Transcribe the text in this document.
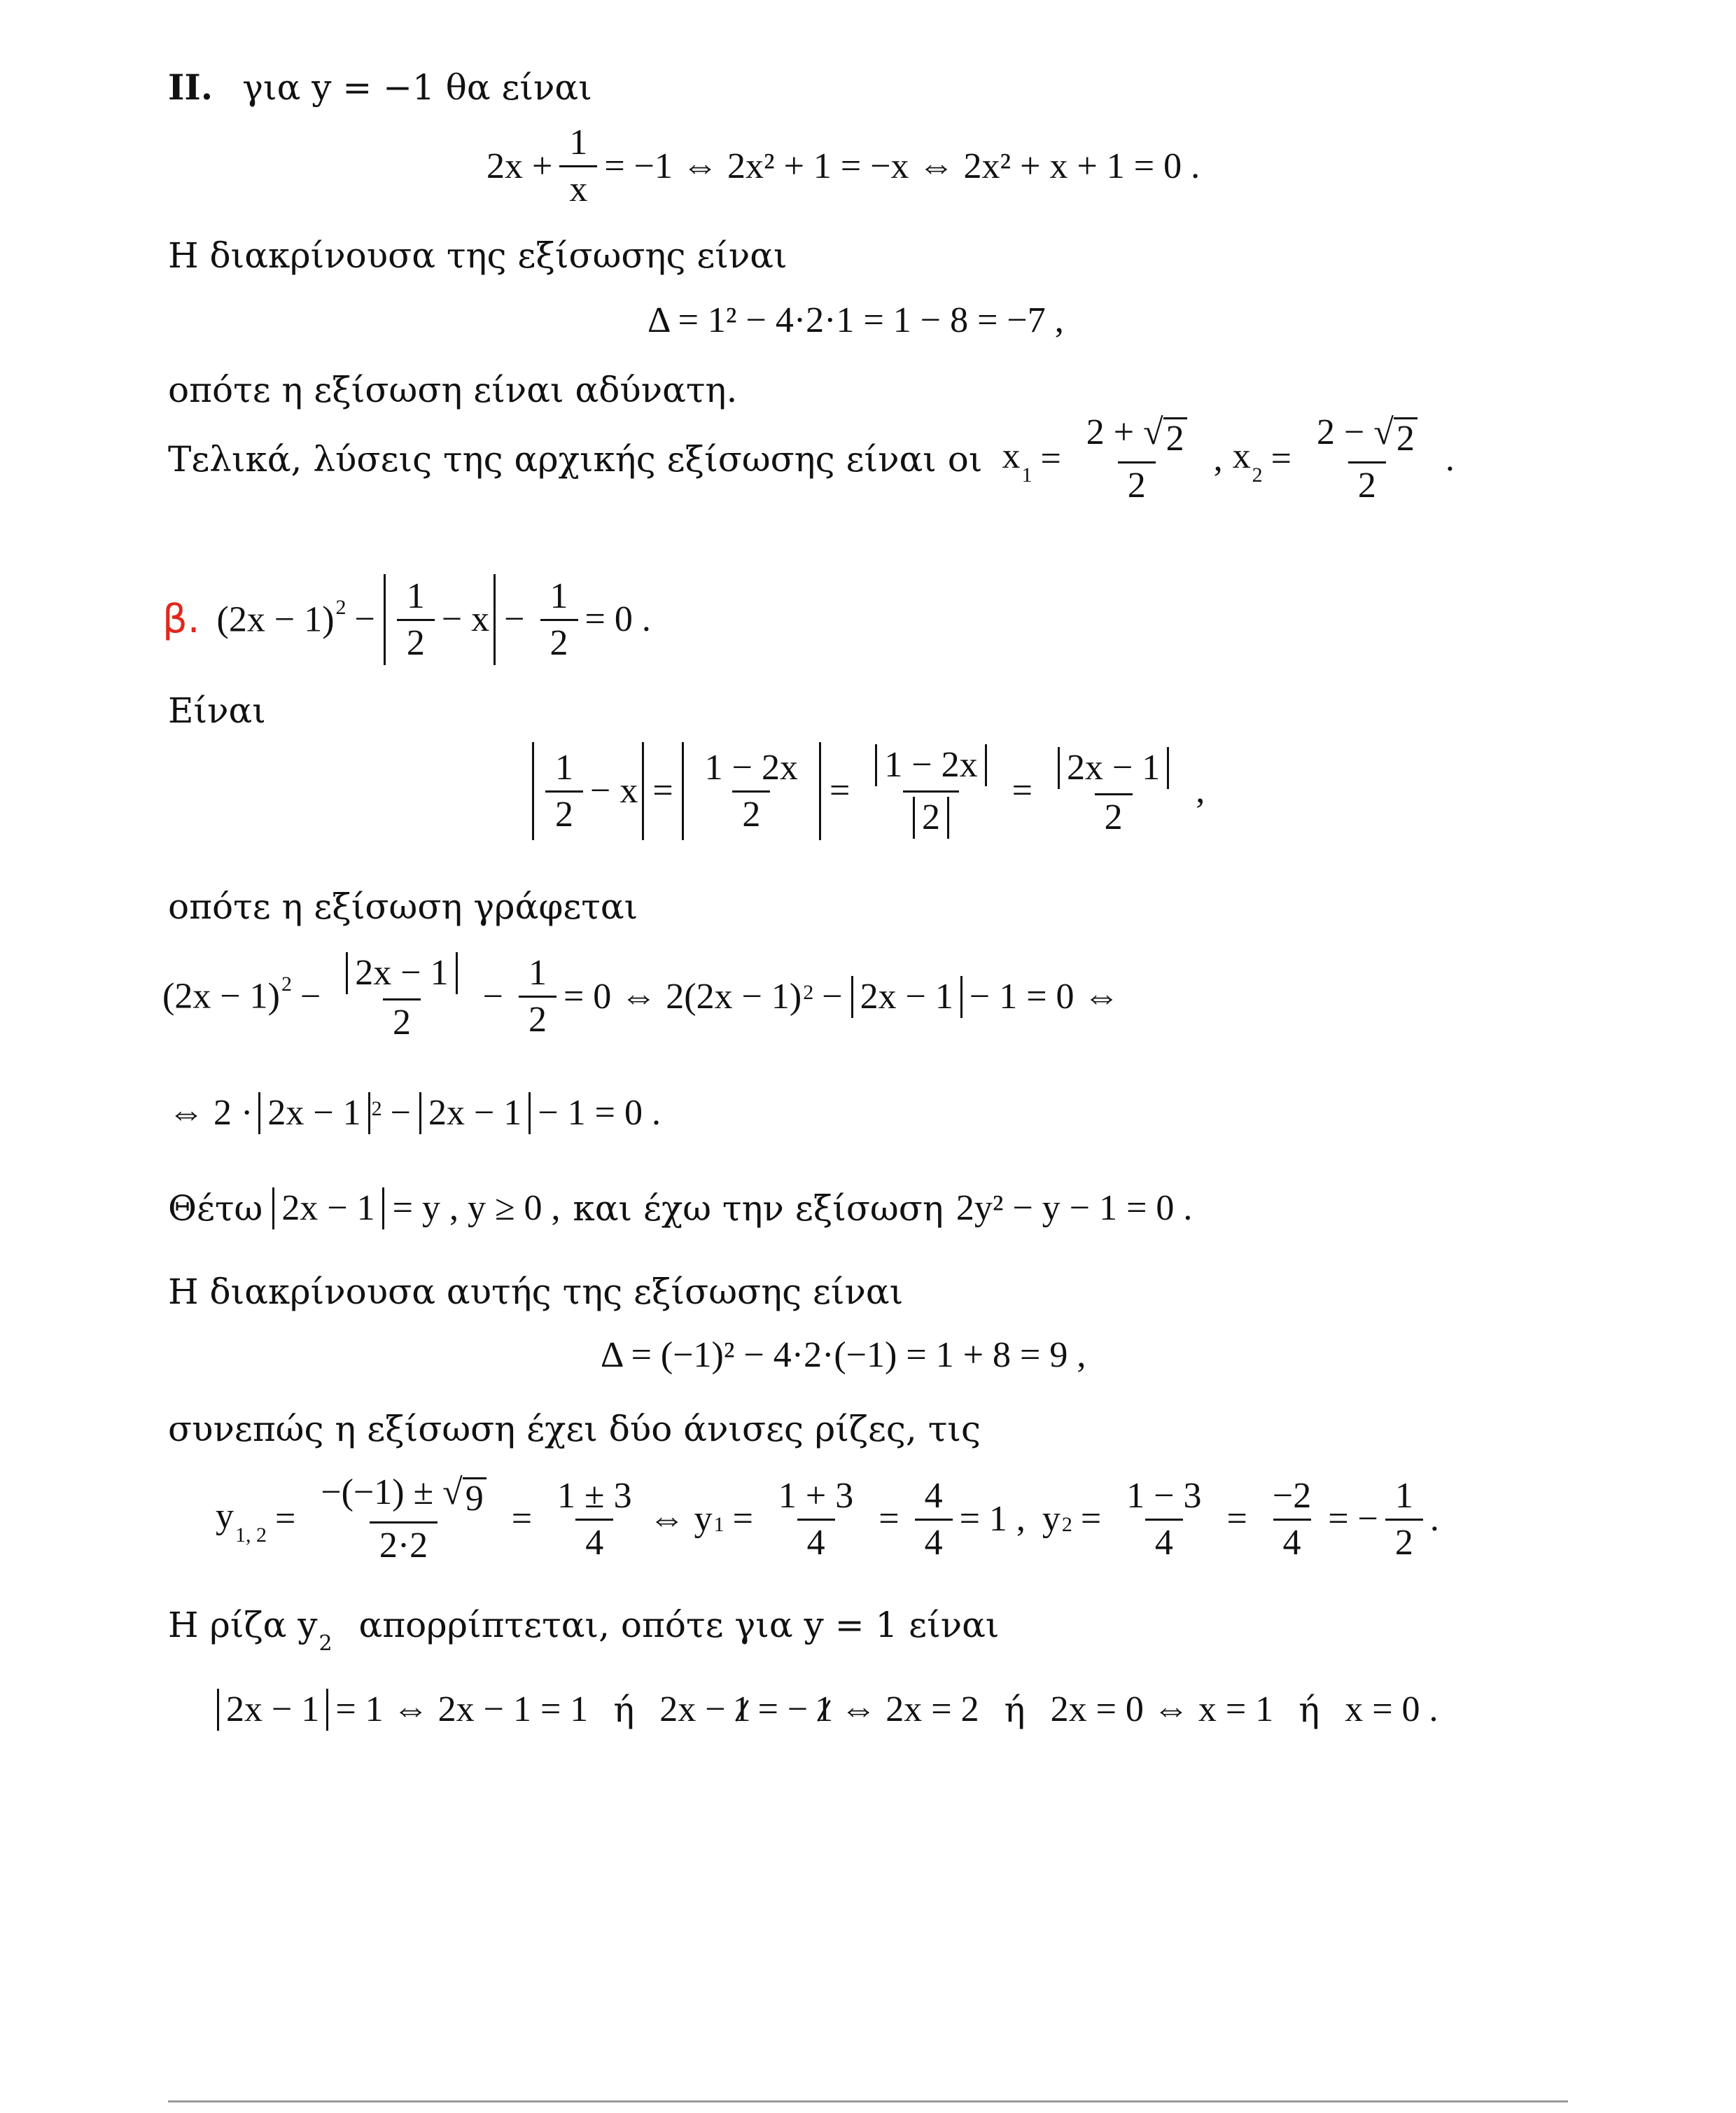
ΙΙ. για y = −1 θα είναι
$2x + \frac{1}{x} = -1$ ⇔ 2x² + 1 = −x ⇔ 2x² + x + 1 = 0 .
Η διακρίνουσα της εξίσωσης είναι
Δ = 1² − 4·2·1 = 1 − 8 = −7 ,
οπότε η εξίσωση είναι αδύνατη.
Τελικά, λύσεις της αρχικής εξίσωσης είναι οι $x_1 = \frac{2 + √ 2}{2}$ , $x_2 = \frac{2 - √ 2}{2}$ .
β. $(2x - 1)^2 - \frac{1}{2} - x - \frac{1}{2} = 0$ .
Είναι
$\frac{1}{2} - x = \frac{1 - 2x}{2} = \frac{1 - 2x}{2} = \frac{2x - 1}{2}$ ,
οπότε η εξίσωση γράφεται
$(2x - 1)^2 - \frac{2x - 1}{2} - \frac{1}{2} = 0$ ⇔ 2(2x − 1) 2 − 2x − 1 − 1 = 0 ⇔
⇔ 2 · 2x − 1 2 − 2x − 1 − 1 = 0 .
Θέτω 2x − 1 = y , y ≥ 0 , και έχω την εξίσωση 2y² − y − 1 = 0 .
Η διακρίνουσα αυτής της εξίσωσης είναι
Δ = (−1)² − 4·2·(−1) = 1 + 8 = 9 ,
συνεπώς η εξίσωση έχει δύο άνισες ρίζες, τις
$y_{1, 2} = \frac{-(-1) \pm √ 9}{2\cdot 2} = \frac{1 \pm 3}{4}$ ⇔ y $1 = \frac{1 + 3}{4} = \frac{4}{4} = 1$ , y $2 = \frac{1 - 3}{4} = \frac{-2}{4}$ = − $\frac{1}{2}$ .
Η ρίζα $y_2$ απορρίπτεται, οπότε για y = 1 είναι
2x − 1 = 1 ⇔ 2x − 1 = 1 ή 2x − 1 = − 1 ⇔ 2x = 2 ή 2x = 0 ⇔ x = 1 ή x = 0 .
